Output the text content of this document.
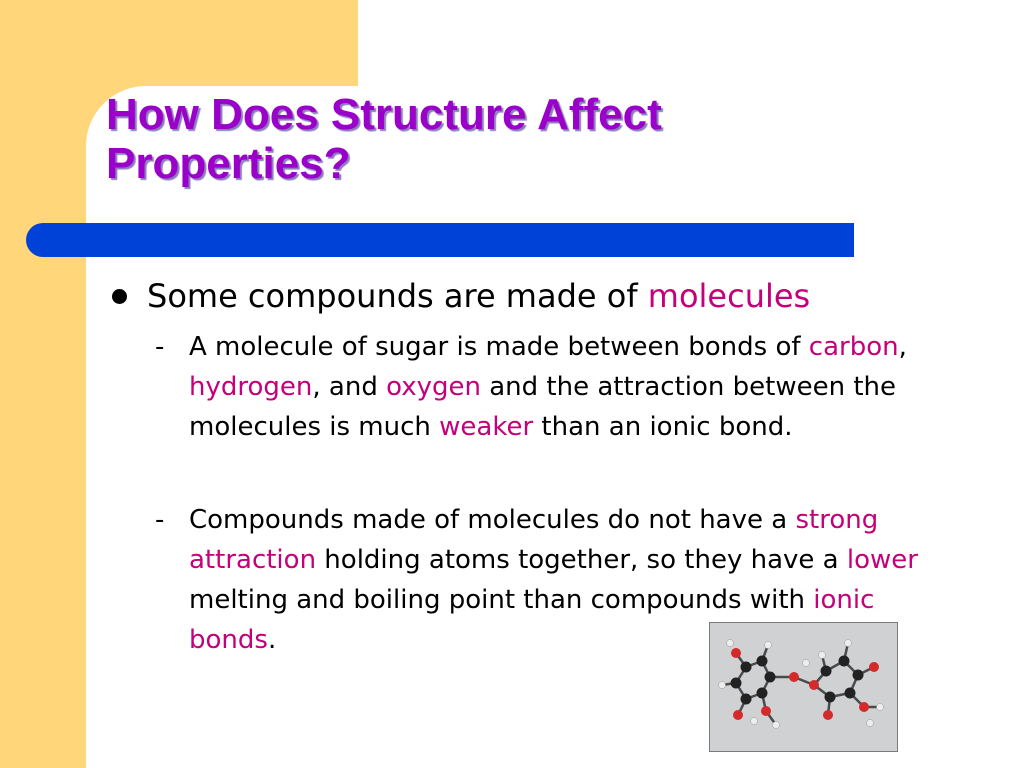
How Does Structure Affect Properties?
Some compounds are made of molecules
- A molecule of sugar is made between bonds of carbon, hydrogen, and oxygen and the attraction between the molecules is much weaker than an ionic bond.
- Compounds made of molecules do not have a strong attraction holding atoms together, so they have a lower melting and boiling point than compounds with ionic bonds.
